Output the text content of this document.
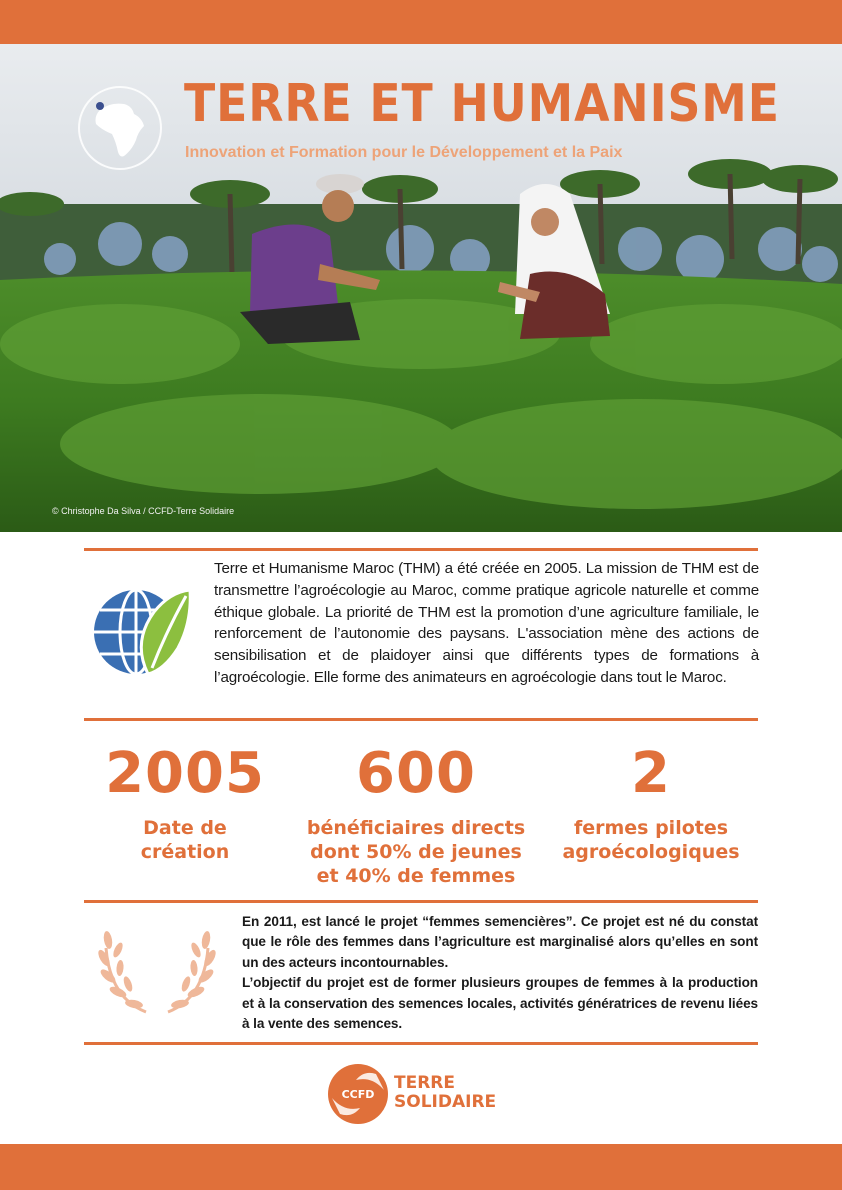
TERRE ET HUMANISME
Innovation et Formation pour le Développement et la Paix
© Christophe Da Silva / CCFD-Terre Solidaire
Terre et Humanisme Maroc (THM) a été créée en 2005. La mission de THM est de transmettre l’agroécologie au Maroc, comme pratique agricole naturelle et comme éthique globale. La priorité de THM est la promotion d’une agriculture familiale, le renforcement de l’autonomie des paysans. L'association mène des actions de sensibilisation et de plaidoyer ainsi que différents types de formations à l’agroécologie. Elle forme des animateurs en agroécologie dans tout le Maroc.
2005
Date de
création
600
bénéficiaires directs
dont 50% de jeunes
et 40% de femmes
2
fermes pilotes
agroécologiques

En 2011, est lancé le projet “femmes semencières”. Ce projet est né du constat que le rôle des femmes dans l’agriculture est marginalisé alors qu’elles en sont un des acteurs incontournables.

L’objectif du projet est de former plusieurs groupes de femmes à la production et à la conservation des semences locales, activités génératrices de revenu liées à la vente des semences.

CCFD
TERRE
SOLIDAIRE
